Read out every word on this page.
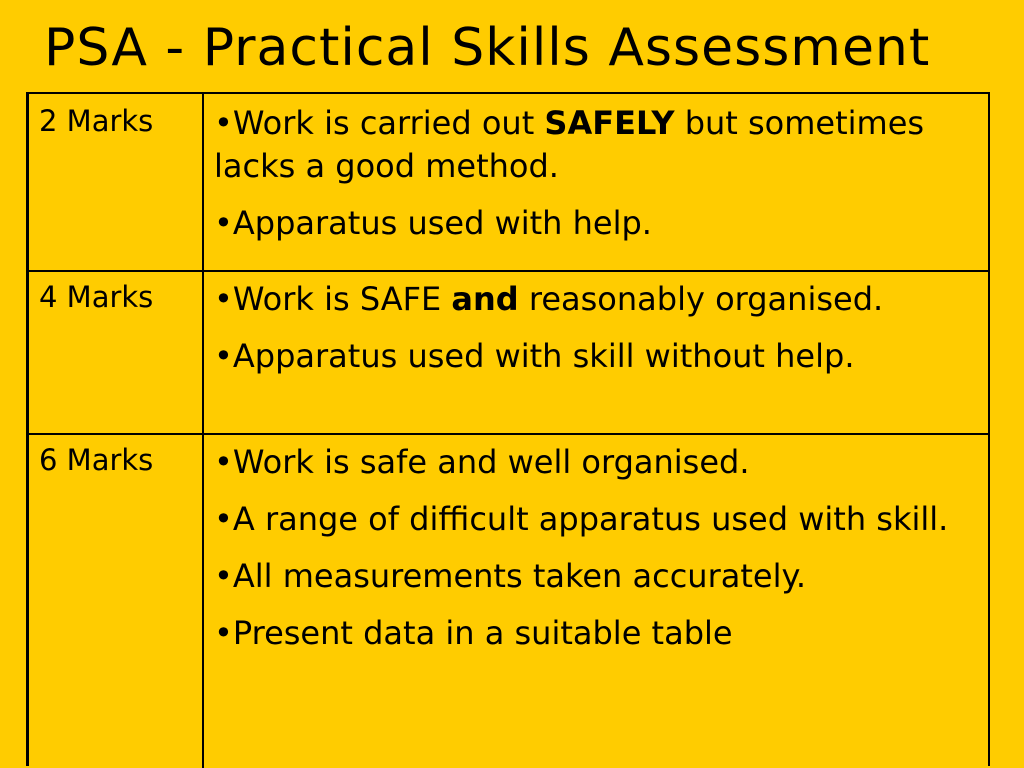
PSA - Practical Skills Assessment
2 Marks	•Work is carried out SAFELY but sometimes lacks a good method.
•Apparatus used with help.
4 Marks	•Work is SAFE and reasonably organised.
•Apparatus used with skill without help.
6 Marks	•Work is safe and well organised.
•A range of difficult apparatus used with skill.
•All measurements taken accurately.
•Present data in a suitable table
